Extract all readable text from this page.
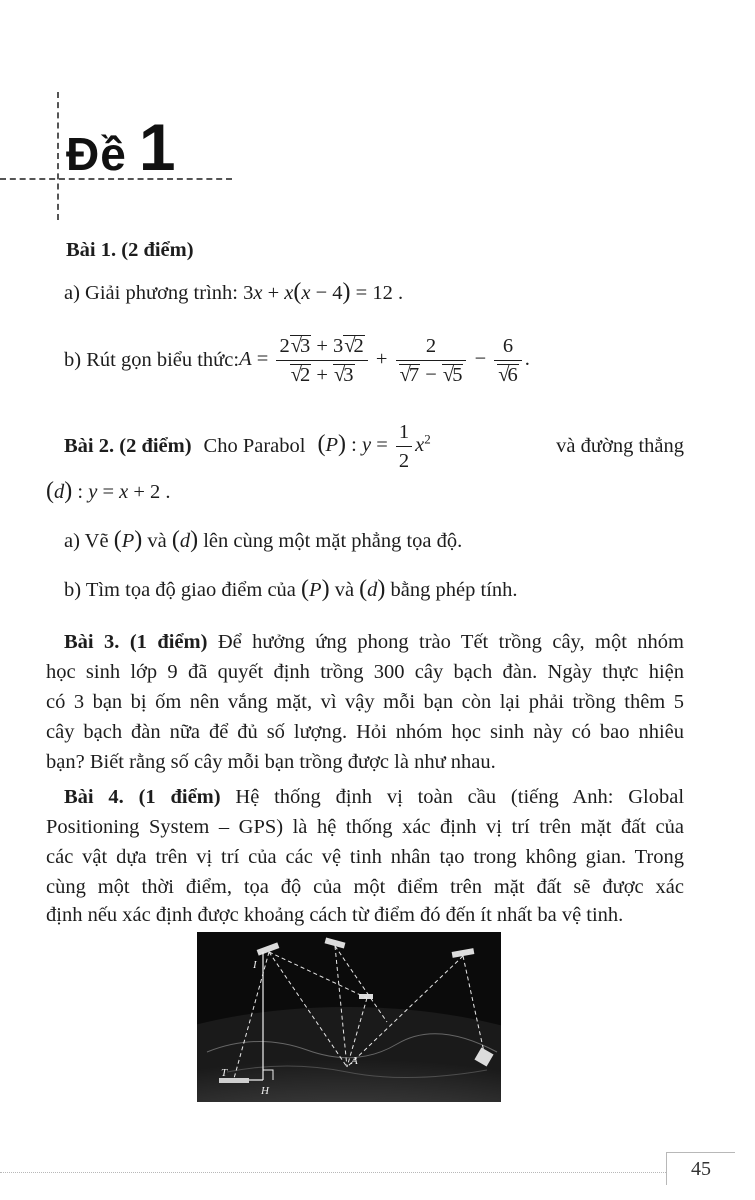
Đề 1
Bài 1. (2 điểm)
a) Giải phương trình: 3x + x(x − 4) = 12 .
b) Rút gọn biểu thức: $A = \frac{2√3 + 3√2}{√2 + √3} + \frac{2}{√7 - √5} - \frac{6}{√6}$ .
Bài 2. (2 điểm) Cho Parabol (P) : $y = \frac{1}{2} x^2$	và đường thẳng
(d) : y = x + 2 .
a) Vẽ (P) và (d) lên cùng một mặt phẳng tọa độ.
b) Tìm tọa độ giao điểm của (P) và (d) bằng phép tính.
Bài 3. (1 điểm) Để hưởng ứng phong trào Tết trồng cây, một nhóm
học sinh lớp 9 đã quyết định trồng 300 cây bạch đàn. Ngày thực hiện
có 3 bạn bị ốm nên vắng mặt, vì vậy mỗi bạn còn lại phải trồng thêm 5
cây bạch đàn nữa để đủ số lượng. Hỏi nhóm học sinh này có bao nhiêu
bạn? Biết rằng số cây mỗi bạn trồng được là như nhau.
Bài 4. (1 điểm) Hệ thống định vị toàn cầu (tiếng Anh: Global
Positioning System – GPS) là hệ thống xác định vị trí trên mặt đất của
các vật dựa trên vị trí của các vệ tinh nhân tạo trong không gian. Trong
cùng một thời điểm, tọa độ của một điểm trên mặt đất sẽ được xác
định nếu xác định được khoảng cách từ điểm đó đến ít nhất ba vệ tinh.
I
T
H
A
45
